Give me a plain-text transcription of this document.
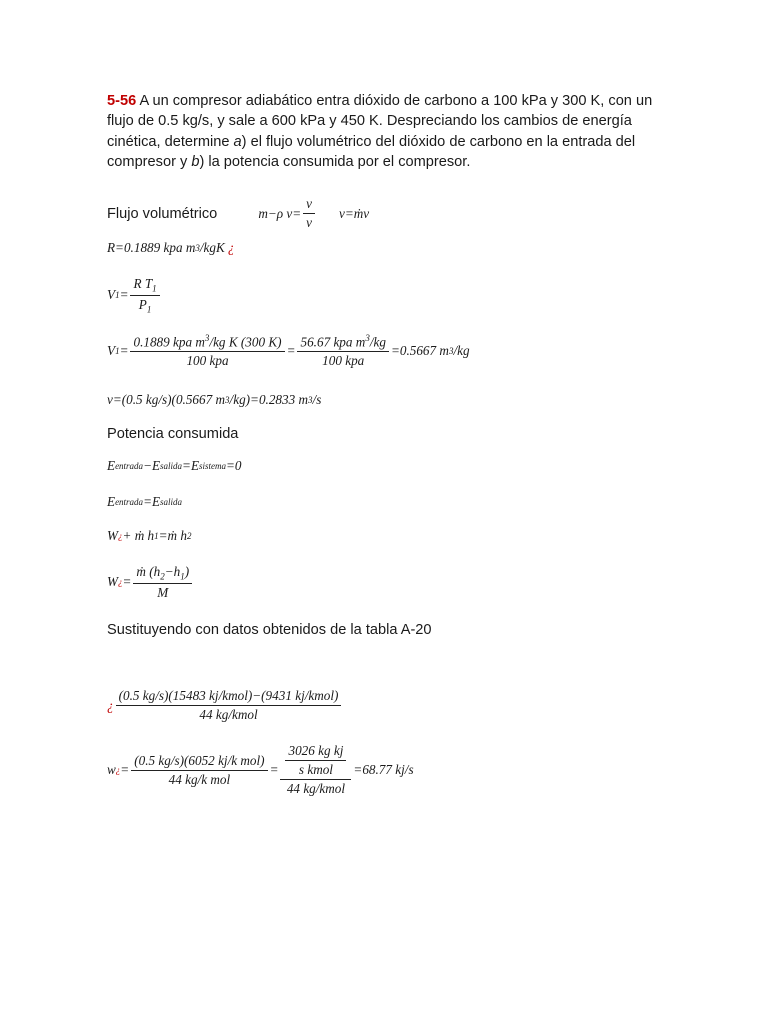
5-56 A un compresor adiabático entra dióxido de carbono a 100 kPa y 300 K, con un flujo de 0.5 kg/s, y sale a 600 kPa y 450 K. Despreciando los cambios de energía cinética, determine a) el flujo volumétrico del dióxido de carbono en la entrada del compresor y b) la potencia consumida por el compresor.
Flujo volumétrico	m−ρ $v= \frac{v}{v}$ v=ṁv
R=0.1889 kpa m 3 /kgK ¿
V $1 = \frac{R T_1}{P_1}$
V $1 = \frac{0.1889 kpa m^3/kg K (300 K)}{\text{100 kpa}} = \frac{56.67 kpa m^3/kg}{\text{100 kpa}} =0.5667$ m 3 /kg
v=(0.5 kg/s)(0.5667 m 3 /kg)=0.2833 m 3 /s
Potencia consumida
E entrada − E salida = E sistema =0
E entrada = E salida
W ¿ + ṁ h 1 =ṁ h 2
W ¿ = $\frac{ṁ (h_2-h_1)}{M}$
Sustituyendo con datos obtenidos de la tabla A-20
¿ $\frac{\text{(0.5 kg/s)(15483 kj/kmol)−(9431 kj/kmol)}}{\text{44 kg/kmol}}$
w ¿ = $\frac{\text{(0.5 kg/s)(6052 kj/k mol)}}{\text{44 kg/k mol}} = \frac{\frac{\text{3026 kg kj}}{\text{s kmol}}}{\text{44 kg/kmol}} =68.77$ kj/s
